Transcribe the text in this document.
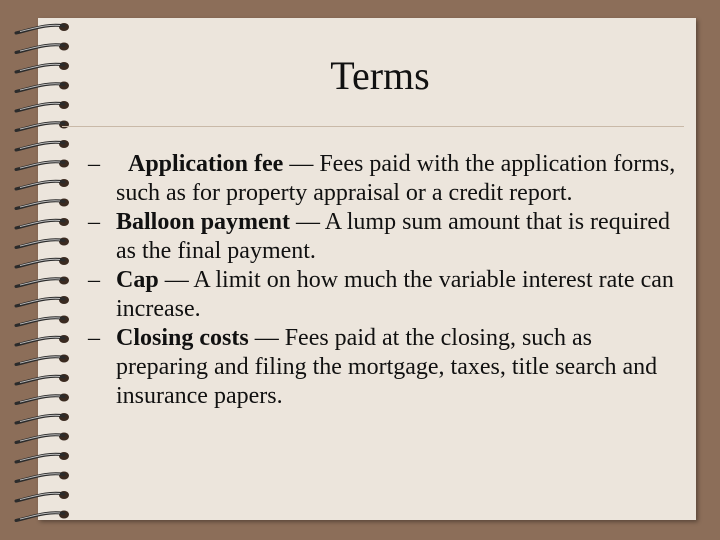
Terms
– Application fee — Fees paid with the application forms, such as for property appraisal or a credit report.
– Balloon payment — A lump sum amount that is required as the final payment.
– Cap — A limit on how much the variable interest rate can increase.
– Closing costs — Fees paid at the closing, such as preparing and filing the mortgage, taxes, title search and insurance papers.
